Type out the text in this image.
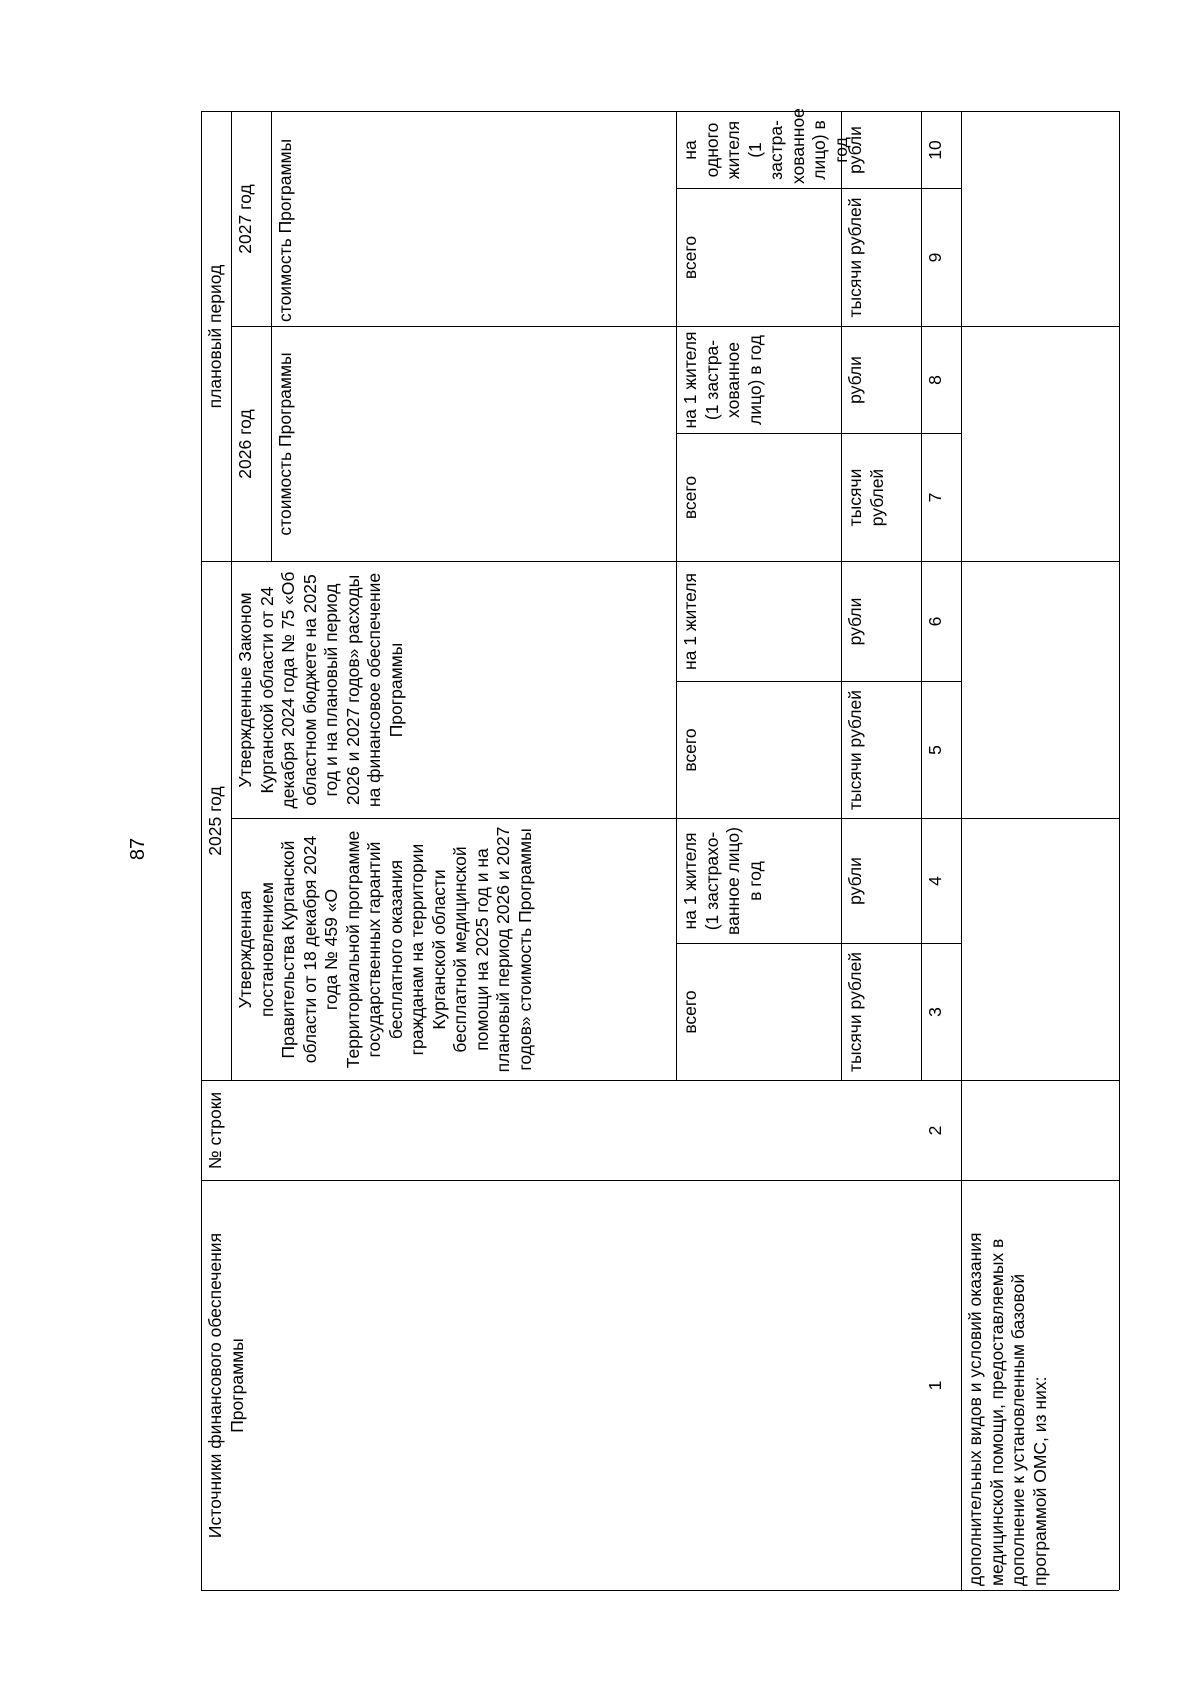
87
Источники финансового обеспечения Программы
№ строки
2025 год
плановый период
Утвержденная постановлением Правительства Курганской области от 18 декабря 2024 года № 459 «О Территориальной программе государственных гарантий бесплатного оказания гражданам на территории Курганской области бесплатной медицинской помощи на 2025 год и на плановый период 2026 и 2027 годов» стоимость Программы
Утвержденные Законом Курганской области от 24 декабря 2024 года № 75 «Об областном бюджете на 2025 год и на плановый период 2026 и 2027 годов» расходы на финансовое обеспечение Программы
2026 год
2027 год
стоимость Программы
стоимость Программы
всего
на 1 жителя (1 застрахо-ванное лицо) в год
всего
на 1 жителя
всего
на 1 жителя (1 застра-хованное лицо) в год
всего
на одного жителя (1 застра-хованное лицо) в год
тысячи рублей
рубли
тысячи рублей
рубли
тысячи рублей
рубли
тысячи рублей
рубли
1
2
3
4
5
6
7
8
9
10
дополнительных видов и условий оказания медицинской помощи, предоставляемых в дополнение к установленным базовой программой ОМС, из них:
